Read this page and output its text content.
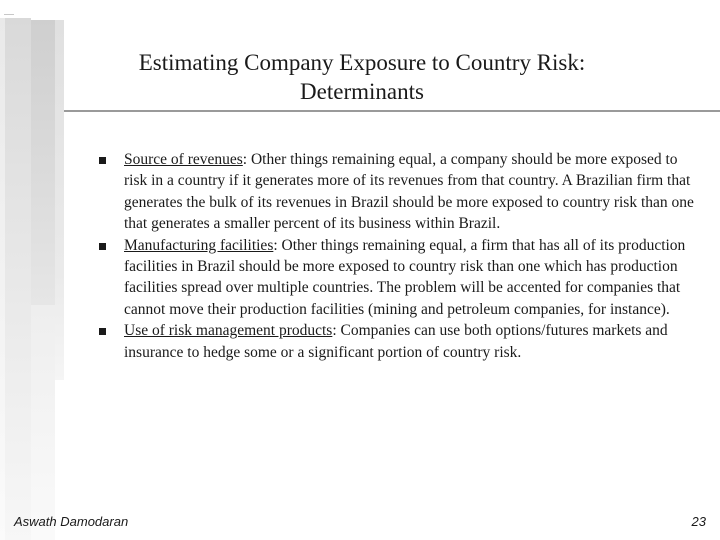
Estimating Company Exposure to Country Risk:
Determinants
Source of revenues: Other things remaining equal, a company should be more exposed to risk in a country if it generates more of its revenues from that country. A Brazilian firm that generates the bulk of its revenues in Brazil should be more exposed to country risk than one that generates a smaller percent of its business within Brazil.
Manufacturing facilities: Other things remaining equal, a firm that has all of its production facilities in Brazil should be more exposed to country risk than one which has production facilities spread over multiple countries. The problem will be accented for companies that cannot move their production facilities (mining and petroleum companies, for instance).
Use of risk management products: Companies can use both options/futures markets and insurance to hedge some or a significant portion of country risk.
Aswath Damodaran	23
